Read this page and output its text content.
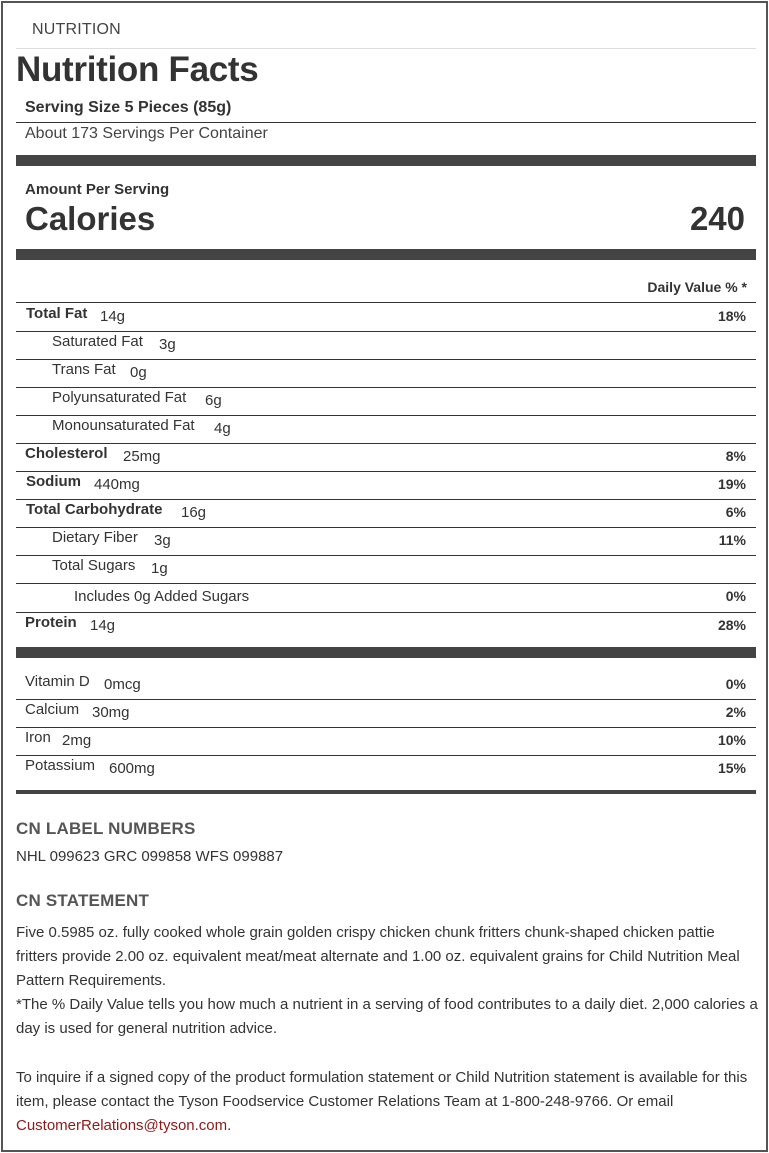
NUTRITION
Nutrition Facts
Serving Size 5 Pieces (85g)
About 173 Servings Per Container
Amount Per Serving
Calories	240
Daily Value % *
Total Fat 14g	18%
Saturated Fat 3g
Trans Fat 0g
Polyunsaturated Fat 6g
Monounsaturated Fat 4g
Cholesterol 25mg	8%
Sodium 440mg	19%
Total Carbohydrate 16g	6%
Dietary Fiber 3g	11%
Total Sugars 1g
Includes 0g Added Sugars	0%
Protein 14g	28%
Vitamin D 0mcg	0%
Calcium 30mg	2%
Iron 2mg	10%
Potassium 600mg	15%
CN LABEL NUMBERS
NHL 099623 GRC 099858 WFS 099887
CN STATEMENT
Five 0.5985 oz. fully cooked whole grain golden crispy chicken chunk fritters chunk-shaped chicken pattie fritters provide 2.00 oz. equivalent meat/meat alternate and 1.00 oz. equivalent grains for Child Nutrition Meal Pattern Requirements.
*The % Daily Value tells you how much a nutrient in a serving of food contributes to a daily diet. 2,000 calories a day is used for general nutrition advice.
To inquire if a signed copy of the product formulation statement or Child Nutrition statement is available for this item, please contact the Tyson Foodservice Customer Relations Team at 1-800-248-9766. Or email CustomerRelations@tyson.com.
